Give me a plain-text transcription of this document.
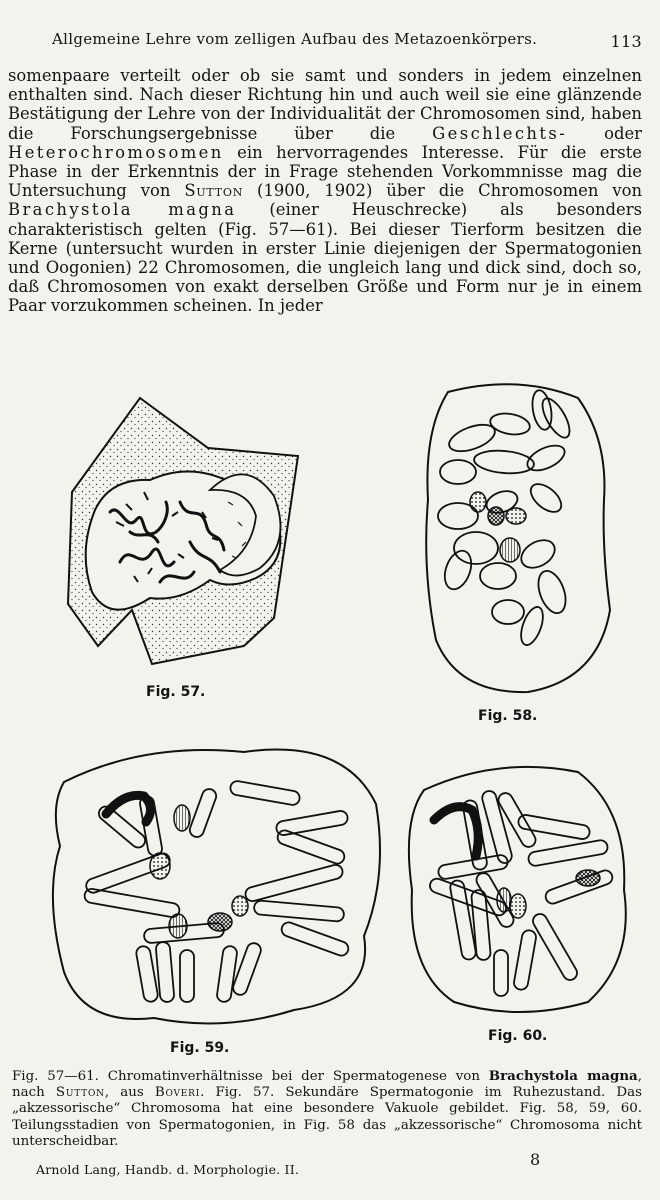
Allgemeine Lehre vom zelligen Aufbau des Metazoenkörpers.	113

somenpaare verteilt oder ob sie samt und sonders in jedem einzelnen enthalten sind. Nach dieser Richtung hin und auch weil sie eine glänzende Bestätigung der Lehre von der Individualität der Chromosomen sind, haben die Forschungsergebnisse über die Geschlechts- oder Heterochromosomen ein hervorragendes Interesse. Für die erste Phase in der Erkenntnis der in Frage stehenden Vorkommnisse mag die Untersuchung von Sutton (1900, 1902) über die Chromosomen von Brachystola magna (einer Heuschrecke) als besonders charakteristisch gelten (Fig. 57—61). Bei dieser Tierform besitzen die Kerne (untersucht wurden in erster Linie diejenigen der Spermatogonien und Oogonien) 22 Chromosomen, die ungleich lang und dick sind, doch so, daß Chromosomen von exakt derselben Größe und Form nur je in einem Paar vorzukommen scheinen. In jeder

Fig. 57.
Fig. 58.
Fig. 59.
Fig. 60.

Fig. 57—61. Chromatinverhältnisse bei der Spermatogenese von Brachystola magna, nach Sutton, aus Boveri. Fig. 57. Sekundäre Spermatogonie im Ruhezustand. Das „akzessorische“ Chromosoma hat eine besondere Vakuole gebildet. Fig. 58, 59, 60. Teilungsstadien von Spermatogonien, in Fig. 58 das „akzessorische“ Chromosoma nicht unterscheidbar.

Arnold Lang, Handb. d. Morphologie. II.
8
